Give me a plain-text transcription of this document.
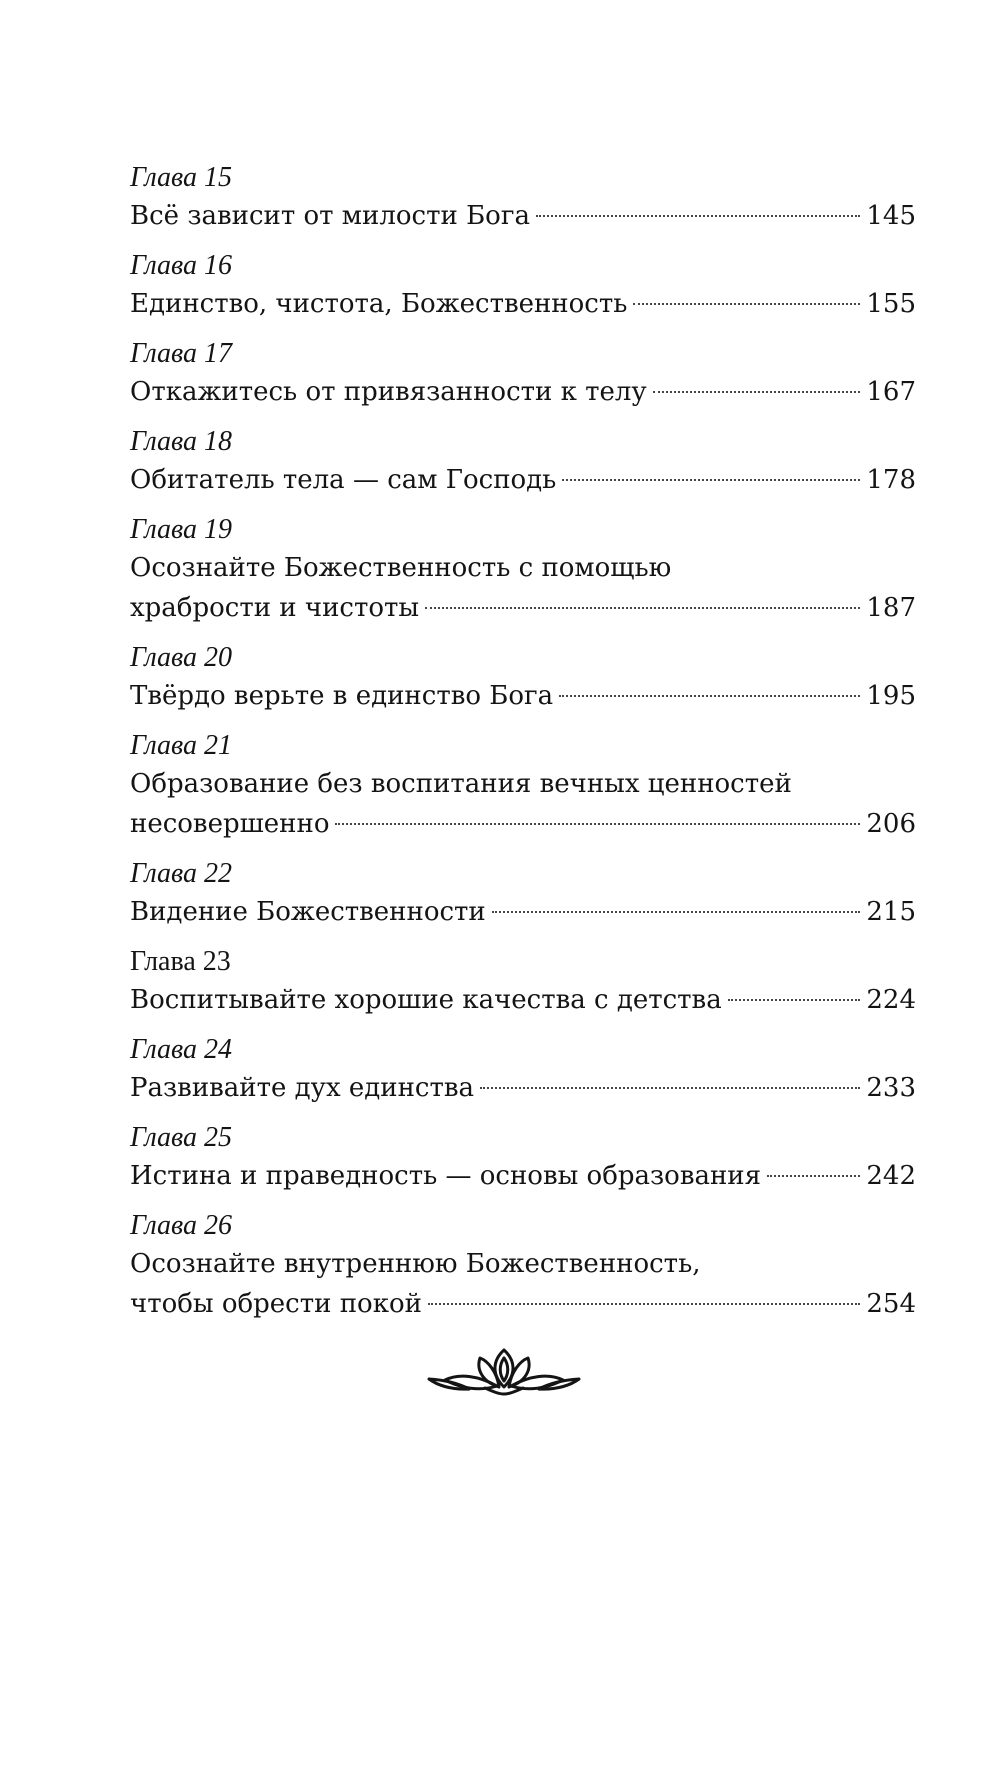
Глава 15
Всё зависит от милости Бога	145
Глава 16
Единство, чистота, Божественность	155
Глава 17
Откажитесь от привязанности к телу	167
Глава 18
Обитатель тела — сам Господь	178
Глава 19
Осознайте Божественность с помощью
храбрости и чистоты	187
Глава 20
Твёрдо верьте в единство Бога	195
Глава 21
Образование без воспитания вечных ценностей
несовершенно	206
Глава 22
Видение Божественности	215
Глава 23
Воспитывайте хорошие качества с детства	224
Глава 24
Развивайте дух единства	233
Глава 25
Истина и праведность — основы образования	242
Глава 26
Осознайте внутреннюю Божественность,
чтобы обрести покой	254
